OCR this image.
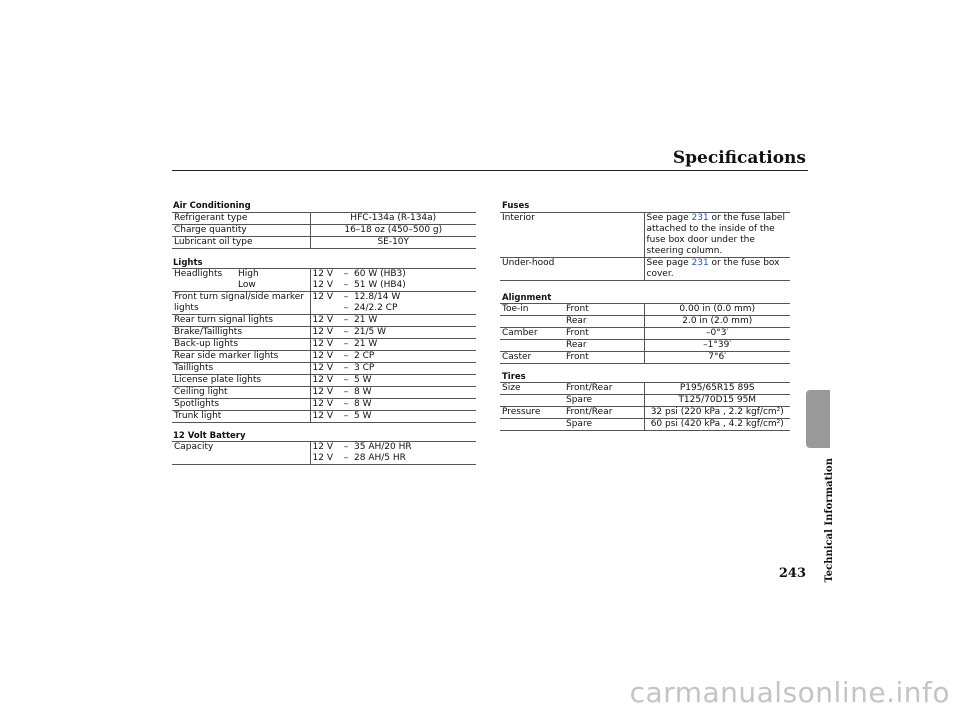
Specifications
Technical Information
243
Air Conditioning
Refrigerant type	HFC-134a (R-134a)
Charge quantity	16–18 oz (450–500 g)
Lubricant oil type	SE-10Y
Lights
Headlights	High	12 V	– 60 W (HB3)
	Low	12 V	– 51 W (HB4)
Front turn signal/side marker		12 V	– 12.8/14 W
lights			– 24/2.2 CP
Rear turn signal lights		12 V	– 21 W
Brake/Taillights		12 V	– 21/5 W
Back-up lights		12 V	– 21 W
Rear side marker lights		12 V	– 2 CP
Taillights		12 V	– 3 CP
License plate lights		12 V	– 5 W
Ceiling light		12 V	– 8 W
Spotlights		12 V	– 8 W
Trunk light		12 V	– 5 W
12 Volt Battery
Capacity	12 V	– 35 AH/20 HR
	12 V	– 28 AH/5 HR
Fuses
Interior	See page 231 or the fuse label attached to the inside of the fuse box door under the steering column.
Under-hood	See page 231 or the fuse box cover.
Alignment
Toe-in	Front	0.00 in (0.0 mm)
	Rear	2.0 in (2.0 mm)
Camber	Front	–0°3′
	Rear	–1°39′
Caster	Front	7°6′
Tires
Size	Front/Rear	P195/65R15 89S
	Spare	T125/70D15 95M
Pressure	Front/Rear	32 psi (220 kPa , 2.2 kgf/cm²)
	Spare	60 psi (420 kPa , 4.2 kgf/cm²)
carmanualsonline.info
